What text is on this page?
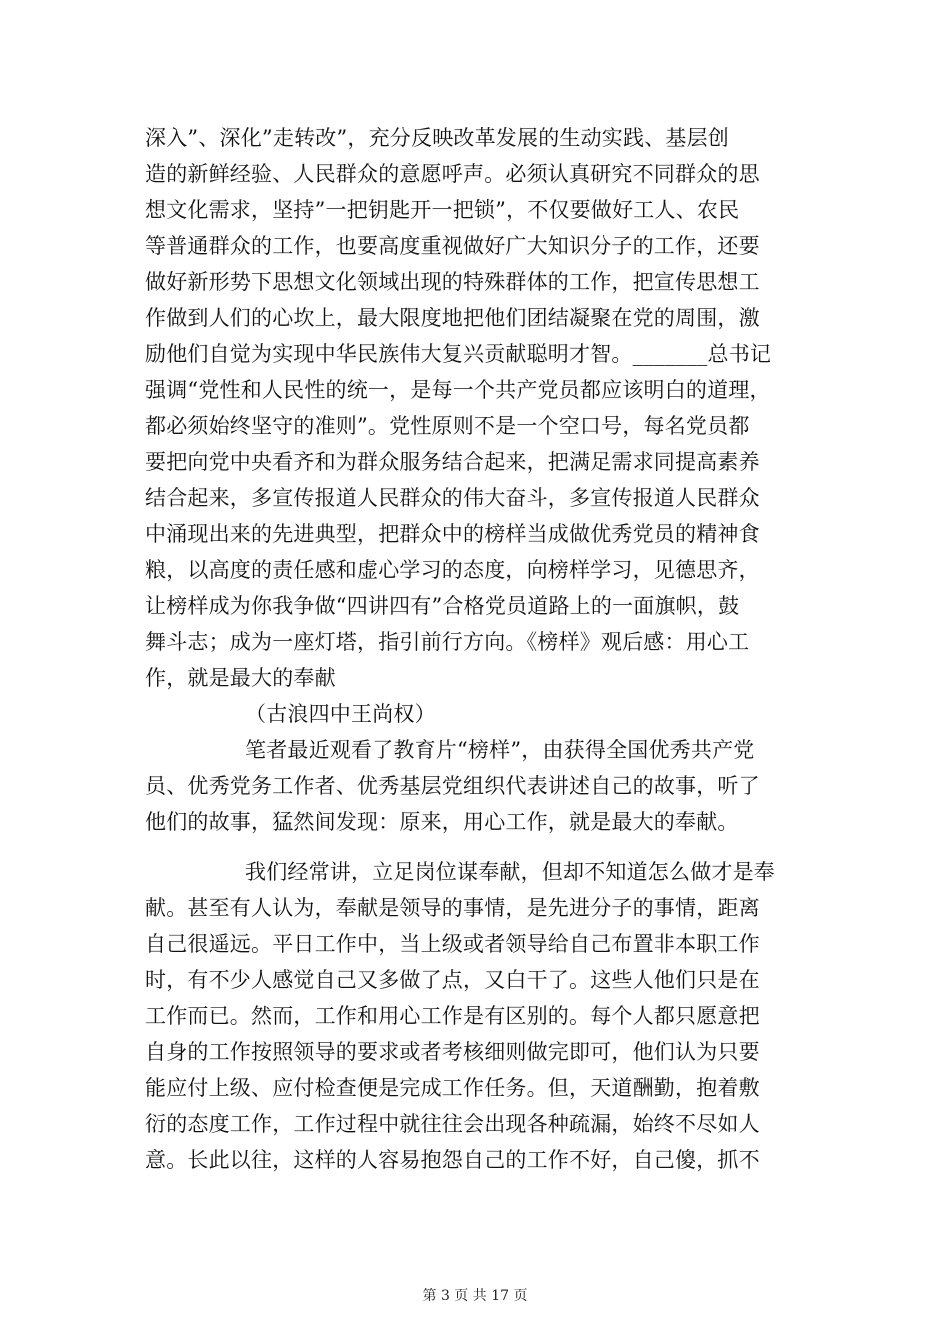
深入”、深化”走转改”，充分反映改革发展的生动实践、基层创
造的新鲜经验、人民群众的意愿呼声。必须认真研究不同群众的思
想文化需求，坚持”一把钥匙开一把锁”，不仅要做好工人、农民
等普通群众的工作，也要高度重视做好广大知识分子的工作，还要
做好新形势下思想文化领域出现的特殊群体的工作，把宣传思想工
作做到人们的心坎上，最大限度地把他们团结凝聚在党的周围，激
励他们自觉为实现中华民族伟大复兴贡献聪明才智。_______总书记
强调“党性和人民性的统一，是每一个共产党员都应该明白的道理，
都必须始终坚守的准则”。党性原则不是一个空口号，每名党员都
要把向党中央看齐和为群众服务结合起来，把满足需求同提高素养
结合起来，多宣传报道人民群众的伟大奋斗，多宣传报道人民群众
中涌现出来的先进典型，把群众中的榜样当成做优秀党员的精神食
粮，以高度的责任感和虚心学习的态度，向榜样学习，见德思齐，
让榜样成为你我争做“四讲四有”合格党员道路上的一面旗帜，鼓
舞斗志；成为一座灯塔，指引前行方向。《榜样》观后感：用心工
作，就是最大的奉献
（古浪四中王尚权）
笔者最近观看了教育片“榜样”，由获得全国优秀共产党
员、优秀党务工作者、优秀基层党组织代表讲述自己的故事，听了
他们的故事，猛然间发现：原来，用心工作，就是最大的奉献。
我们经常讲，立足岗位谋奉献，但却不知道怎么做才是奉
献。甚至有人认为，奉献是领导的事情，是先进分子的事情，距离
自己很遥远。平日工作中，当上级或者领导给自己布置非本职工作
时，有不少人感觉自己又多做了点，又白干了。这些人他们只是在
工作而已。然而，工作和用心工作是有区别的。每个人都只愿意把
自身的工作按照领导的要求或者考核细则做完即可，他们认为只要
能应付上级、应付检查便是完成工作任务。但，天道酬勤，抱着敷
衍的态度工作，工作过程中就往往会出现各种疏漏，始终不尽如人
意。长此以往，这样的人容易抱怨自己的工作不好，自己傻，抓不
第 3 页 共 17 页
